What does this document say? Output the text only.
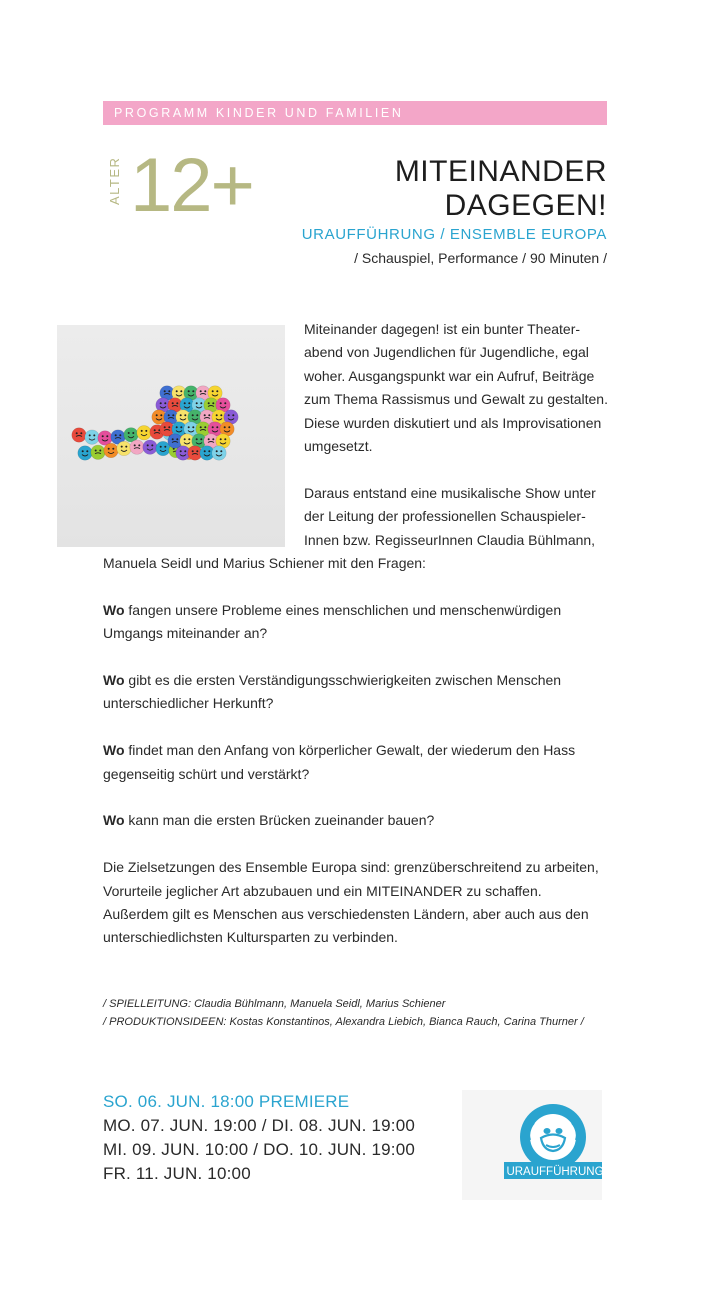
PROGRAMM KINDER UND FAMILIEN
ALTER 12+	MITEINANDER
DAGEGEN!
URAUFFÜHRUNG / ENSEMBLE EUROPA
/ Schauspiel, Performance / 90 Minuten /

Miteinander dagegen! ist ein bunter Theaterabend von Jugendlichen für Jugendliche, egal woher. Ausgangspunkt war ein Aufruf, Beiträge zum Thema Rassismus und Gewalt zu gestalten. Diese wurden diskutiert und als Improvisationen umgesetzt.

Daraus entstand eine musikalische Show unter der Leitung der professionellen SchauspielerInnen bzw. RegisseurInnen Claudia Bühlmann,

Manuela Seidl und Marius Schiener mit den Fragen:

Wo fangen unsere Probleme eines menschlichen und menschenwürdigen Umgangs miteinander an?

Wo gibt es die ersten Verständigungsschwierigkeiten zwischen Menschen unterschiedlicher Herkunft?

Wo findet man den Anfang von körperlicher Gewalt, der wiederum den Hass gegenseitig schürt und verstärkt?

Wo kann man die ersten Brücken zueinander bauen?

Die Zielsetzungen des Ensemble Europa sind: grenzüberschreitend zu arbeiten, Vorurteile jeglicher Art abzubauen und ein MITEINANDER zu schaffen. Außerdem gilt es Menschen aus verschiedensten Ländern, aber auch aus den unterschiedlichsten Kultursparten zu verbinden.

/ SPIELLEITUNG: Claudia Bühlmann, Manuela Seidl, Marius Schiener
/ PRODUKTIONSIDEEN: Kostas Konstantinos, Alexandra Liebich, Bianca Rauch, Carina Thurner /
SO. 06. JUN. 18:00 PREMIERE
MO. 07. JUN. 19:00 / DI. 08. JUN. 19:00
MI. 09. JUN. 10:00 / DO. 10. JUN. 19:00
FR. 11. JUN. 10:00	URAUFFÜHRUNG
